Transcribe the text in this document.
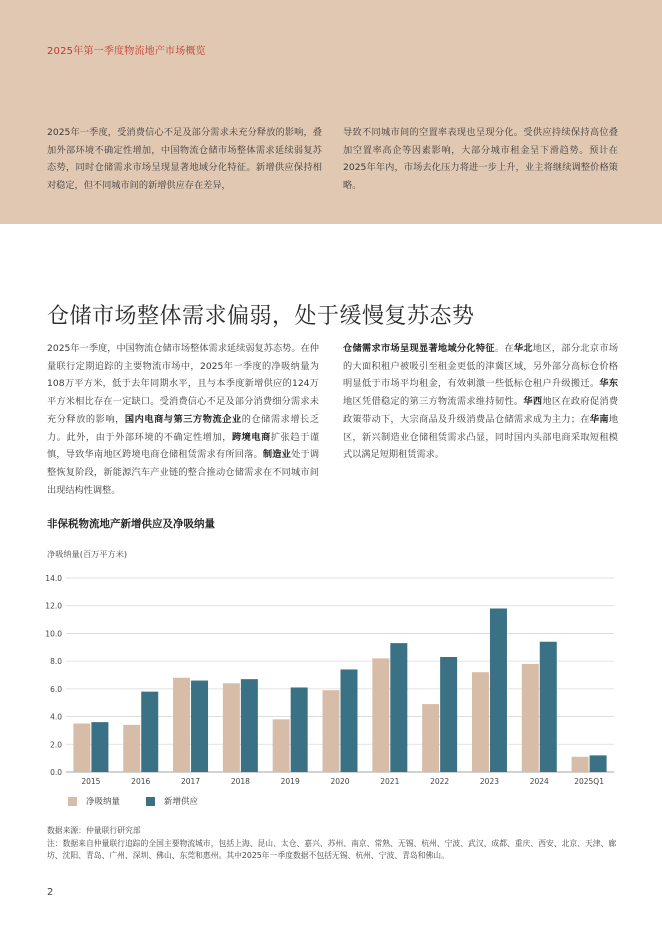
2025年第一季度物流地产市场概览
2025年一季度，受消费信心不足及部分需求未充分释放的影响，叠加外部环境不确定性增加，中国物流仓储市场整体需求延续弱复苏态势，同时仓储需求市场呈现显著地域分化特征。新增供应保持相对稳定，但不同城市间的新增供应存在差异，
导致不同城市间的空置率表现也呈现分化。受供应持续保持高位叠加空置率高企等因素影响，大部分城市租金呈下滑趋势。预计在2025年年内，市场去化压力将进一步上升，业主将继续调整价格策略。
仓储市场整体需求偏弱，处于缓慢复苏态势
2025年一季度，中国物流仓储市场整体需求延续弱复苏态势。在仲量联行定期追踪的主要物流市场中，2025年一季度的净吸纳量为108万平方米，低于去年同期水平，且与本季度新增供应的124万平方米相比存在一定缺口。受消费信心不足及部分消费细分需求未充分释放的影响，国内电商与第三方物流企业的仓储需求增长乏力。此外，由于外部环境的不确定性增加，跨境电商扩张趋于谨慎，导致华南地区跨境电商仓储租赁需求有所回落。制造业处于调整恢复阶段，新能源汽车产业链的整合推动仓储需求在不同城市间出现结构性调整。
仓储需求市场呈现显著地域分化特征。在华北地区，部分北京市场的大面积租户被吸引至租金更低的津冀区域，另外部分高标仓价格明显低于市场平均租金，有效刺激一些低标仓租户升级搬迁。华东地区凭借稳定的第三方物流需求维持韧性。华西地区在政府促消费政策带动下，大宗商品及升级消费品仓储需求成为主力；在华南地区，新兴制造业仓储租赁需求凸显，同时国内头部电商采取短租模式以满足短期租赁需求。
非保税物流地产新增供应及净吸纳量
净吸纳量(百万平方米)
0.0
2.0
4.0
6.0
8.0
10.0
12.0
14.0
2015	2016	2017	2018	2019	2020	2021	2022	2023	2024	2025Q1
净吸纳量	新增供应
数据来源：仲量联行研究部
注：数据来自仲量联行追踪的全国主要物流城市，包括上海、昆山、太仓、嘉兴、苏州、南京、常熟、无锡、杭州、宁波、武汉、成都、重庆、西安、北京、天津、廊坊、沈阳、青岛、广州、深圳、佛山、东莞和惠州。其中2025年一季度数据不包括无锡、杭州、宁波、青岛和佛山。
2
